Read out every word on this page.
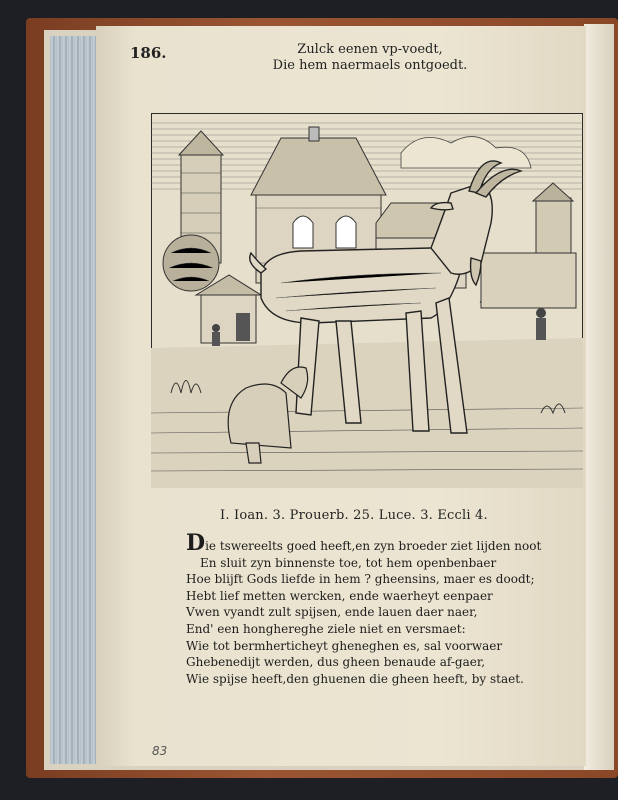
186.	Zulck eenen vp-voedt,
Die hem naermaels ontgoedt.
I. Ioan. 3. Prouerb. 25. Luce. 3. Eccli 4.
Die tswereelts goed heeft,en zyn broeder ziet lijden noot
En sluit zyn binnenste toe, tot hem openbenbaer
Hoe blijft Gods liefde in hem ? gheensins, maer es doodt;
Hebt lief metten wercken, ende waerheyt eenpaer
Vwen vyandt zult spijsen, ende lauen daer naer,
End' een honghereghe ziele niet en versmaet:
Wie tot bermhertichеyt gheneghen es, sal voorwaer
Ghebenedijt werden, dus gheen benaude af-gaer,
Wie spijse heeft,den ghuenen die gheen heeft, by staet.
83
